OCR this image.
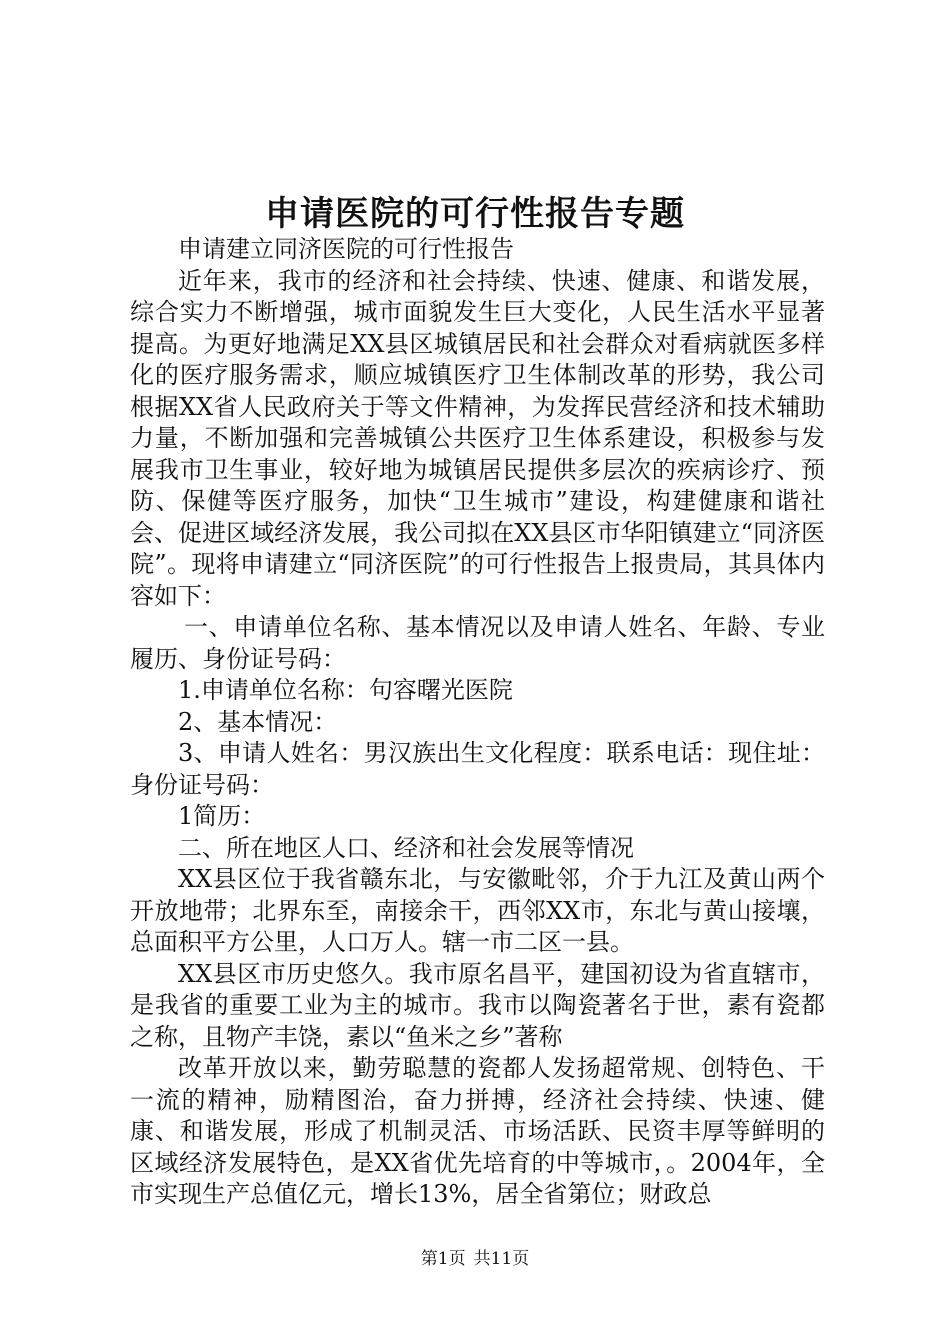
申请医院的可行性报告专题

申请建立同济医院的可行性报告

近年来，我市的经济和社会持续、快速、健康、和谐发展，综合实力不断增强，城市面貌发生巨大变化，人民生活水平显著提高。为更好地满足XX县区城镇居民和社会群众对看病就医多样化的医疗服务需求，顺应城镇医疗卫生体制改革的形势，我公司根据XX省人民政府关于等文件精神，为发挥民营经济和技术辅助力量，不断加强和完善城镇公共医疗卫生体系建设，积极参与发展我市卫生事业，较好地为城镇居民提供多层次的疾病诊疗、预防、保健等医疗服务，加快“卫生城市”建设，构建健康和谐社会、促进区域经济发展，我公司拟在XX县区市华阳镇建立“同济医院”。现将申请建立“同济医院”的可行性报告上报贵局，其具体内容如下：

一、申请单位名称、基本情况以及申请人姓名、年龄、专业履历、身份证号码：

1.申请单位名称：句容曙光医院

2、基本情况：

3、申请人姓名：男汉族出生文化程度：联系电话：现住址：身份证号码：

1简历：

二、所在地区人口、经济和社会发展等情况

XX县区位于我省赣东北，与安徽毗邻，介于九江及黄山两个开放地带；北界东至，南接余干，西邻XX市，东北与黄山接壤，总面积平方公里，人口万人。辖一市二区一县。

XX县区市历史悠久。我市原名昌平，建国初设为省直辖市，是我省的重要工业为主的城市。我市以陶瓷著名于世，素有瓷都之称，且物产丰饶，素以“鱼米之乡”著称

改革开放以来，勤劳聪慧的瓷都人发扬超常规、创特色、干一流的精神，励精图治，奋力拼搏，经济社会持续、快速、健康、和谐发展，形成了机制灵活、市场活跃、民资丰厚等鲜明的区域经济发展特色，是XX省优先培育的中等城市，。2004年，全市实现生产总值亿元，增长13%，居全省第位；财政总

第1页 共11页
